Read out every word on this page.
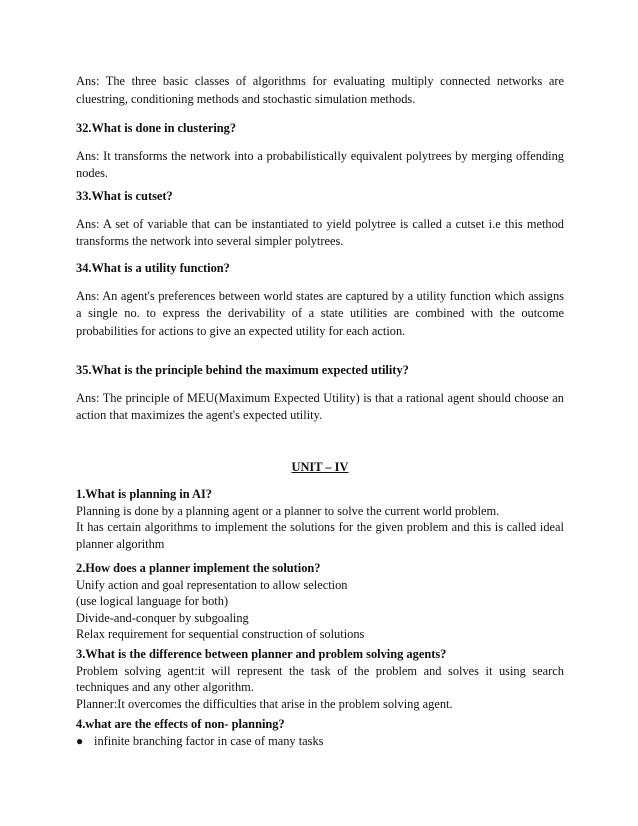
Ans: The three basic classes of algorithms for evaluating multiply connected networks are cluestring, conditioning methods and stochastic simulation methods.

32.What is done in clustering?

Ans: It transforms the network into a probabilistically equivalent polytrees by merging offending nodes.

33.What is cutset?

Ans: A set of variable that can be instantiated to yield polytree is called a cutset i.e this method transforms the network into several simpler polytrees.

34.What is a utility function?

Ans: An agent's preferences between world states are captured by a utility function which assigns a single no. to express the derivability of a state utilities are combined with the outcome probabilities for actions to give an expected utility for each action.

35.What is the principle behind the maximum expected utility?

Ans: The principle of MEU(Maximum Expected Utility) is that a rational agent should choose an action that maximizes the agent's expected utility.

UNIT – IV

1.What is planning in AI?

Planning is done by a planning agent or a planner to solve the current world problem.

It has certain algorithms to implement the solutions for the given problem and this is called ideal planner algorithm

2.How does a planner implement the solution?

Unify action and goal representation to allow selection

(use logical language for both)

Divide-and-conquer by subgoaling

Relax requirement for sequential construction of solutions

3.What is the difference between planner and problem solving agents?

Problem solving agent:it will represent the task of the problem and solves it using search techniques and any other algorithm.

Planner:It overcomes the difficulties that arise in the problem solving agent.

4.what are the effects of non- planning?

● infinite branching factor in case of many tasks
